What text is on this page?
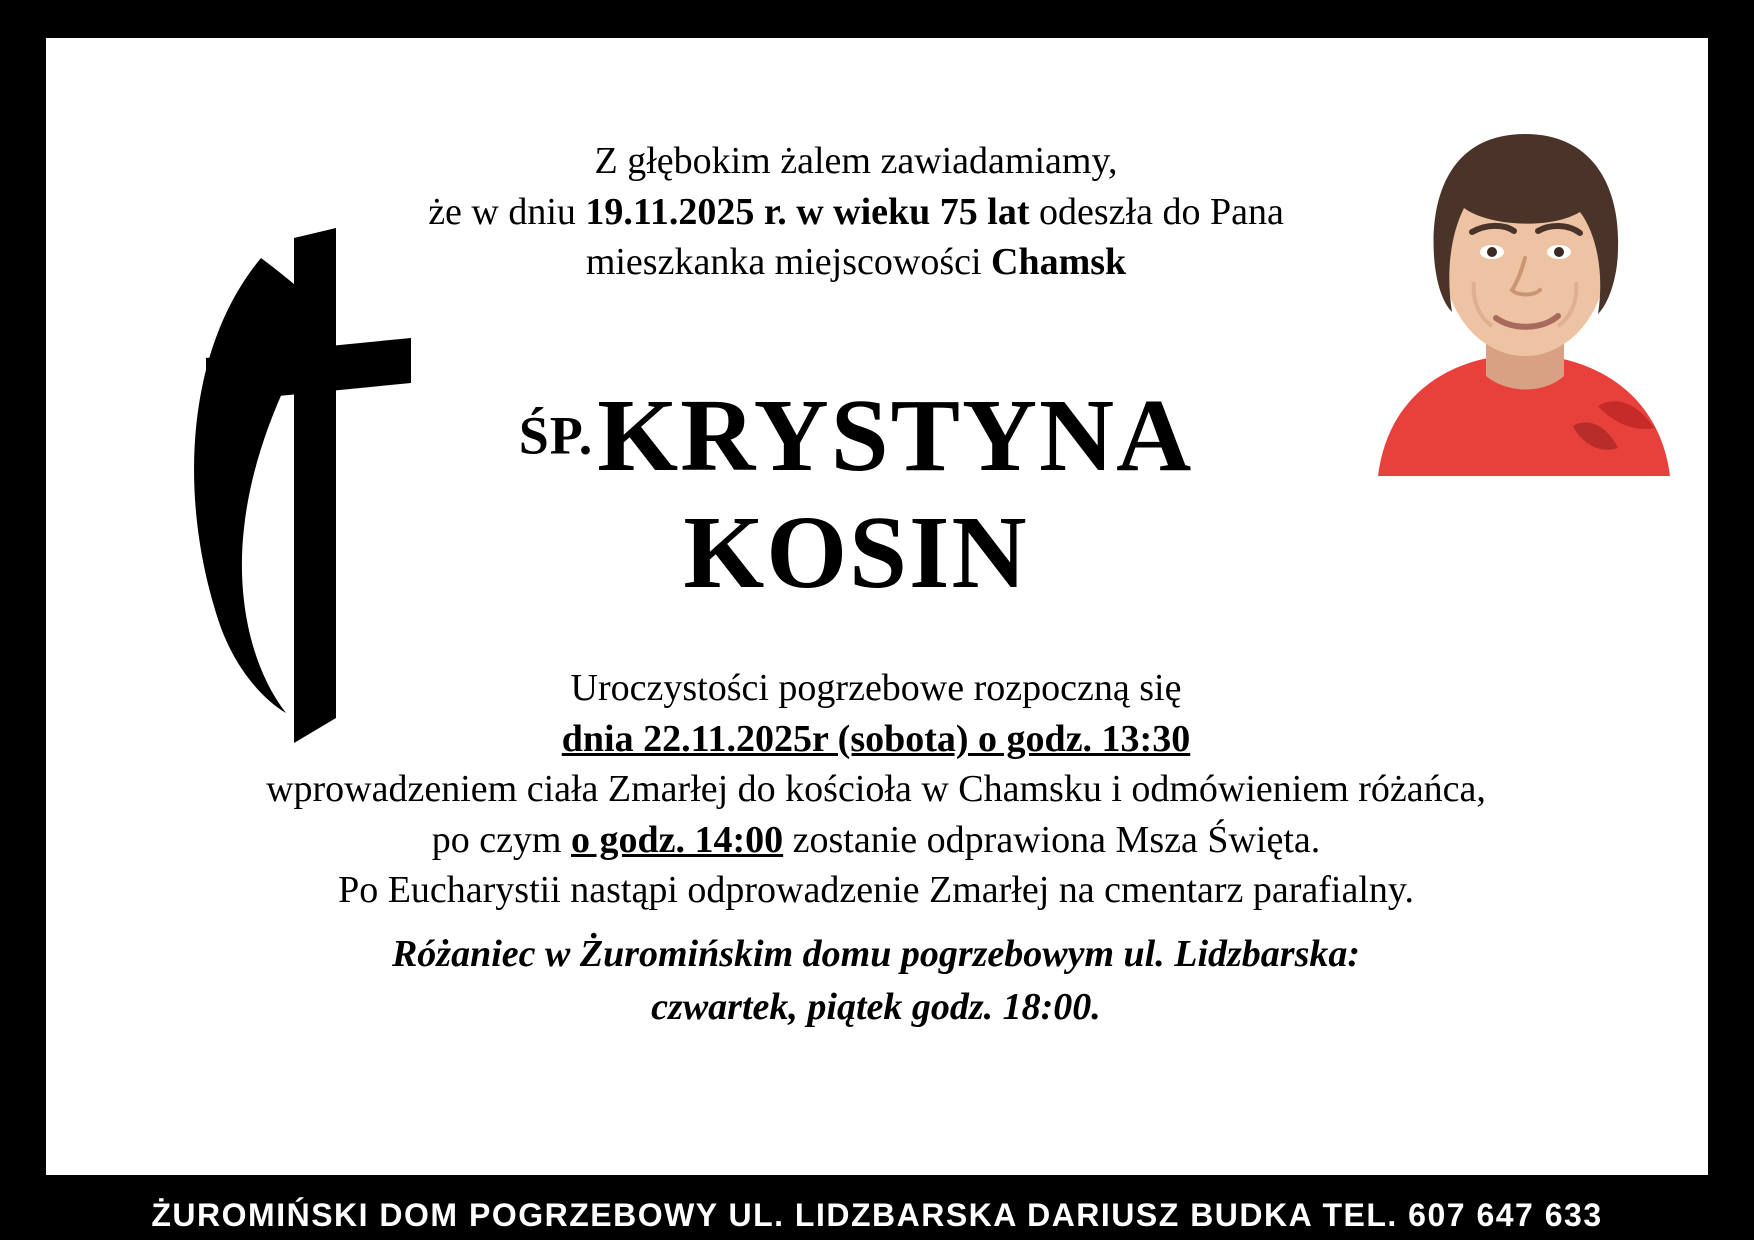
Z głębokim żalem zawiadamiamy,
że w dniu 19.11.2025 r. w wieku 75 lat odeszła do Pana
mieszkanka miejscowości Chamsk
ŚP. KRYSTYNA
KOSIN
Uroczystości pogrzebowe rozpoczną się
dnia 22.11.2025r (sobota) o godz. 13:30
wprowadzeniem ciała Zmarłej do kościoła w Chamsku i odmówieniem różańca,
po czym o godz. 14:00 zostanie odprawiona Msza Święta.
Po Eucharystii nastąpi odprowadzenie Zmarłej na cmentarz parafialny.
Różaniec w Żuromińskim domu pogrzebowym ul. Lidzbarska:
czwartek, piątek godz. 18:00.
ŻUROMIŃSKI DOM POGRZEBOWY UL. LIDZBARSKA DARIUSZ BUDKA TEL. 607 647 633
